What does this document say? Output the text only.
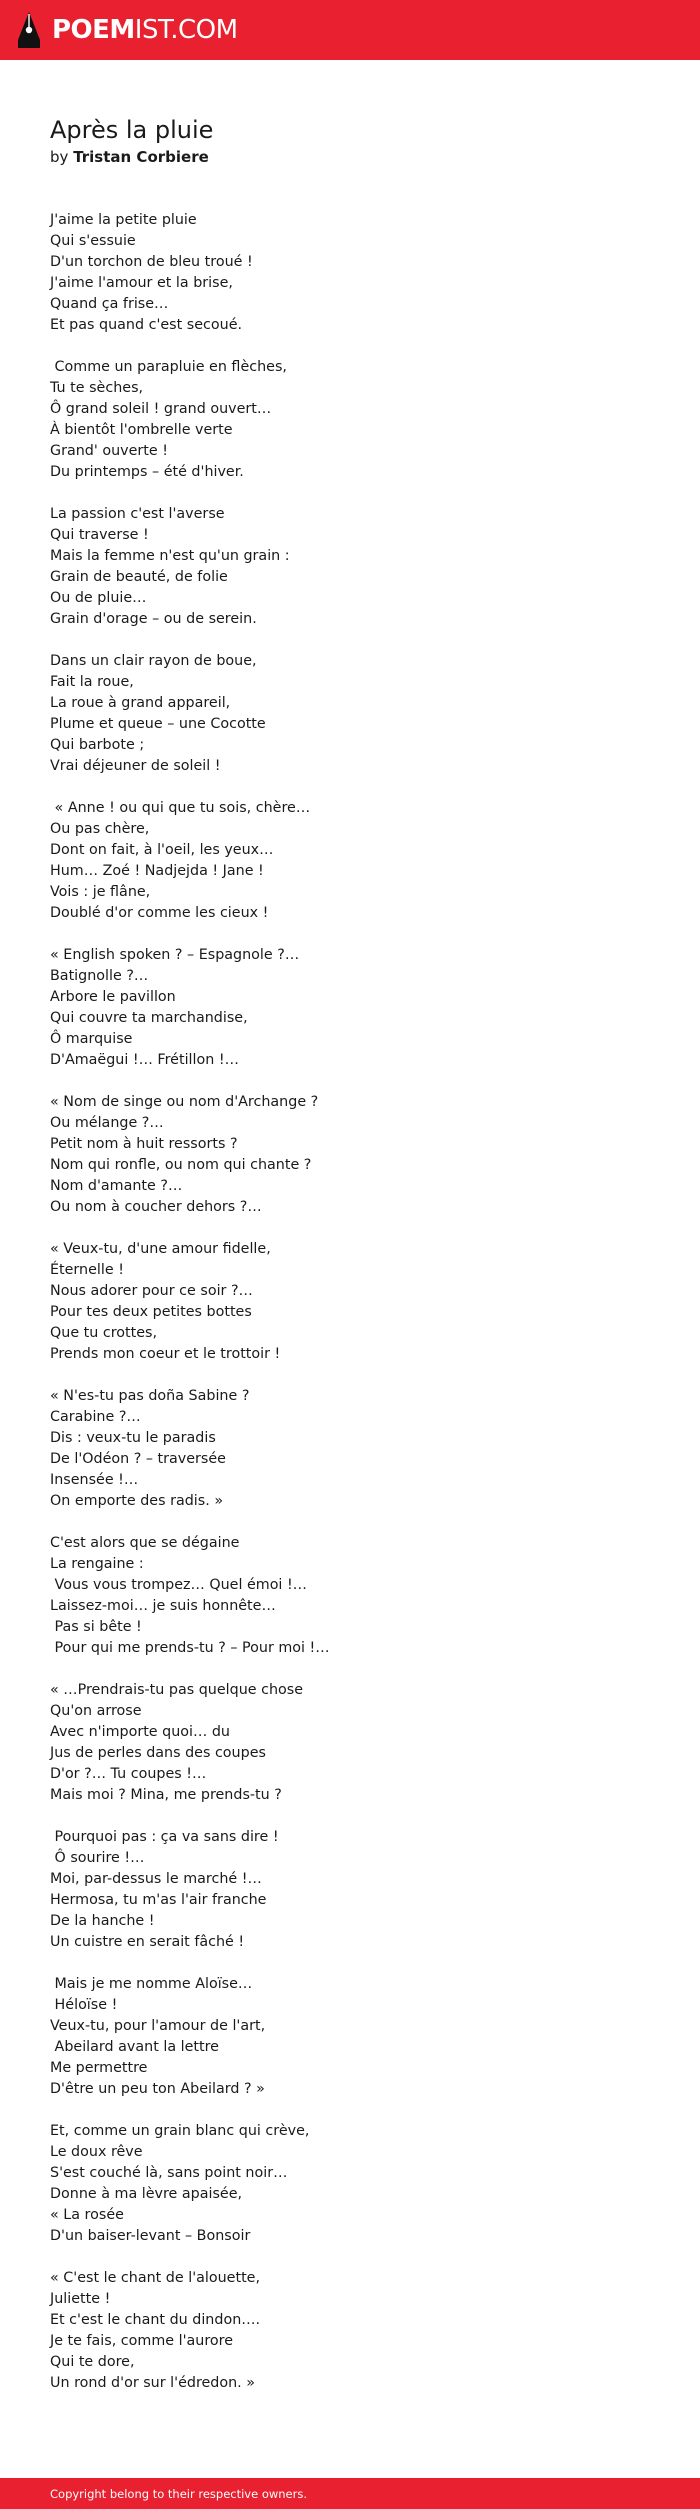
POEMIST.COM
Après la pluie
by Tristan Corbiere
J'aime la petite pluie
Qui s'essuie
D'un torchon de bleu troué !
J'aime l'amour et la brise,
Quand ça frise…
Et pas quand c'est secoué.
Comme un parapluie en flèches,
Tu te sèches,
Ô grand soleil ! grand ouvert…
À bientôt l'ombrelle verte
Grand' ouverte !
Du printemps – été d'hiver.
La passion c'est l'averse
Qui traverse !
Mais la femme n'est qu'un grain :
Grain de beauté, de folie
Ou de pluie…
Grain d'orage – ou de serein.
Dans un clair rayon de boue,
Fait la roue,
La roue à grand appareil,
Plume et queue – une Cocotte
Qui barbote ;
Vrai déjeuner de soleil !
« Anne ! ou qui que tu sois, chère…
Ou pas chère,
Dont on fait, à l'oeil, les yeux…
Hum… Zoé ! Nadjejda ! Jane !
Vois : je flâne,
Doublé d'or comme les cieux !
« English spoken ? – Espagnole ?…
Batignolle ?…
Arbore le pavillon
Qui couvre ta marchandise,
Ô marquise
D'Amaëgui !… Frétillon !…
« Nom de singe ou nom d'Archange ?
Ou mélange ?…
Petit nom à huit ressorts ?
Nom qui ronfle, ou nom qui chante ?
Nom d'amante ?…
Ou nom à coucher dehors ?…
« Veux-tu, d'une amour fidelle,
Éternelle !
Nous adorer pour ce soir ?…
Pour tes deux petites bottes
Que tu crottes,
Prends mon coeur et le trottoir !
« N'es-tu pas doña Sabine ?
Carabine ?…
Dis : veux-tu le paradis
De l'Odéon ? – traversée
Insensée !…
On emporte des radis. »
C'est alors que se dégaine
La rengaine :
Vous vous trompez… Quel émoi !…
Laissez-moi… je suis honnête…
Pas si bête !
Pour qui me prends-tu ? – Pour moi !…
« …Prendrais-tu pas quelque chose
Qu'on arrose
Avec n'importe quoi… du
Jus de perles dans des coupes
D'or ?… Tu coupes !…
Mais moi ? Mina, me prends-tu ?
Pourquoi pas : ça va sans dire !
Ô sourire !…
Moi, par-dessus le marché !…
Hermosa, tu m'as l'air franche
De la hanche !
Un cuistre en serait fâché !
Mais je me nomme Aloïse…
Héloïse !
Veux-tu, pour l'amour de l'art,
Abeilard avant la lettre
Me permettre
D'être un peu ton Abeilard ? »
Et, comme un grain blanc qui crève,
Le doux rêve
S'est couché là, sans point noir…
Donne à ma lèvre apaisée,
« La rosée
D'un baiser-levant – Bonsoir
« C'est le chant de l'alouette,
Juliette !
Et c'est le chant du dindon….
Je te fais, comme l'aurore
Qui te dore,
Un rond d'or sur l'édredon. »
Copyright belong to their respective owners.
